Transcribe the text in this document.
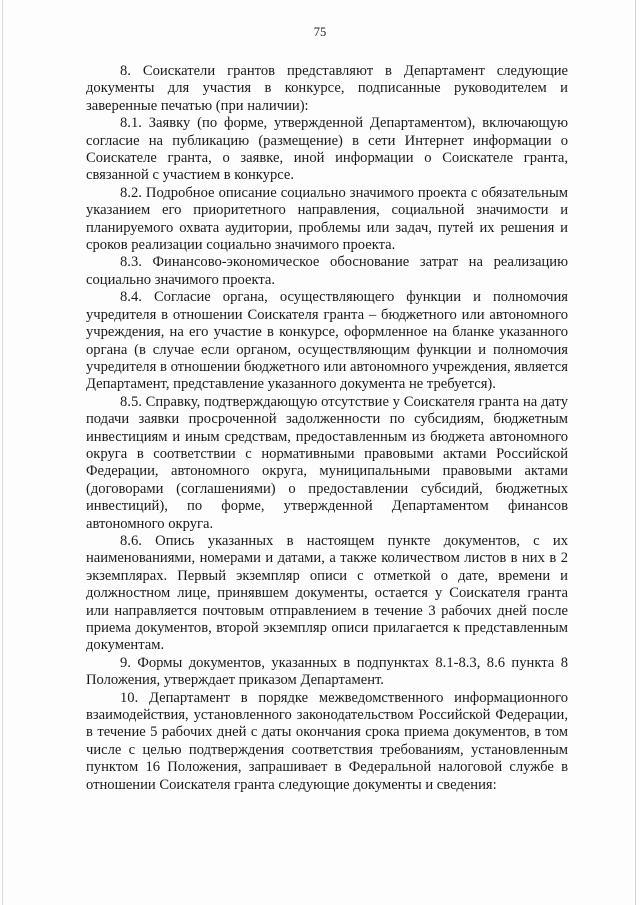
75

8. Соискатели грантов представляют в Департамент следующие документы для участия в конкурсе, подписанные руководителем и заверенные печатью (при наличии):

8.1. Заявку (по форме, утвержденной Департаментом), включающую согласие на публикацию (размещение) в сети Интернет информации о Соискателе гранта, о заявке, иной информации о Соискателе гранта, связанной с участием в конкурсе.

8.2. Подробное описание социально значимого проекта с обязательным указанием его приоритетного направления, социальной значимости и планируемого охвата аудитории, проблемы или задач, путей их решения и сроков реализации социально значимого проекта.

8.3. Финансово-экономическое обоснование затрат на реализацию социально значимого проекта.

8.4. Согласие органа, осуществляющего функции и полномочия учредителя в отношении Соискателя гранта – бюджетного или автономного учреждения, на его участие в конкурсе, оформленное на бланке указанного органа (в случае если органом, осуществляющим функции и полномочия учредителя в отношении бюджетного или автономного учреждения, является Департамент, представление указанного документа не требуется).

8.5. Справку, подтверждающую отсутствие у Соискателя гранта на дату подачи заявки просроченной задолженности по субсидиям, бюджетным инвестициям и иным средствам, предоставленным из бюджета автономного округа в соответствии с нормативными правовыми актами Российской Федерации, автономного округа, муниципальными правовыми актами (договорами (соглашениями) о предоставлении субсидий, бюджетных инвестиций), по форме, утвержденной Департаментом финансов автономного округа.

8.6. Опись указанных в настоящем пункте документов, с их наименованиями, номерами и датами, а также количеством листов в них в 2 экземплярах. Первый экземпляр описи с отметкой о дате, времени и должностном лице, принявшем документы, остается у Соискателя гранта или направляется почтовым отправлением в течение 3 рабочих дней после приема документов, второй экземпляр описи прилагается к представленным документам.

9. Формы документов, указанных в подпунктах 8.1-8.3, 8.6 пункта 8 Положения, утверждает приказом Департамент.

10. Департамент в порядке межведомственного информационного взаимодействия, установленного законодательством Российской Федерации, в течение 5 рабочих дней с даты окончания срока приема документов, в том числе с целью подтверждения соответствия требованиям, установленным пунктом 16 Положения, запрашивает в Федеральной налоговой службе в отношении Соискателя гранта следующие документы и сведения:
